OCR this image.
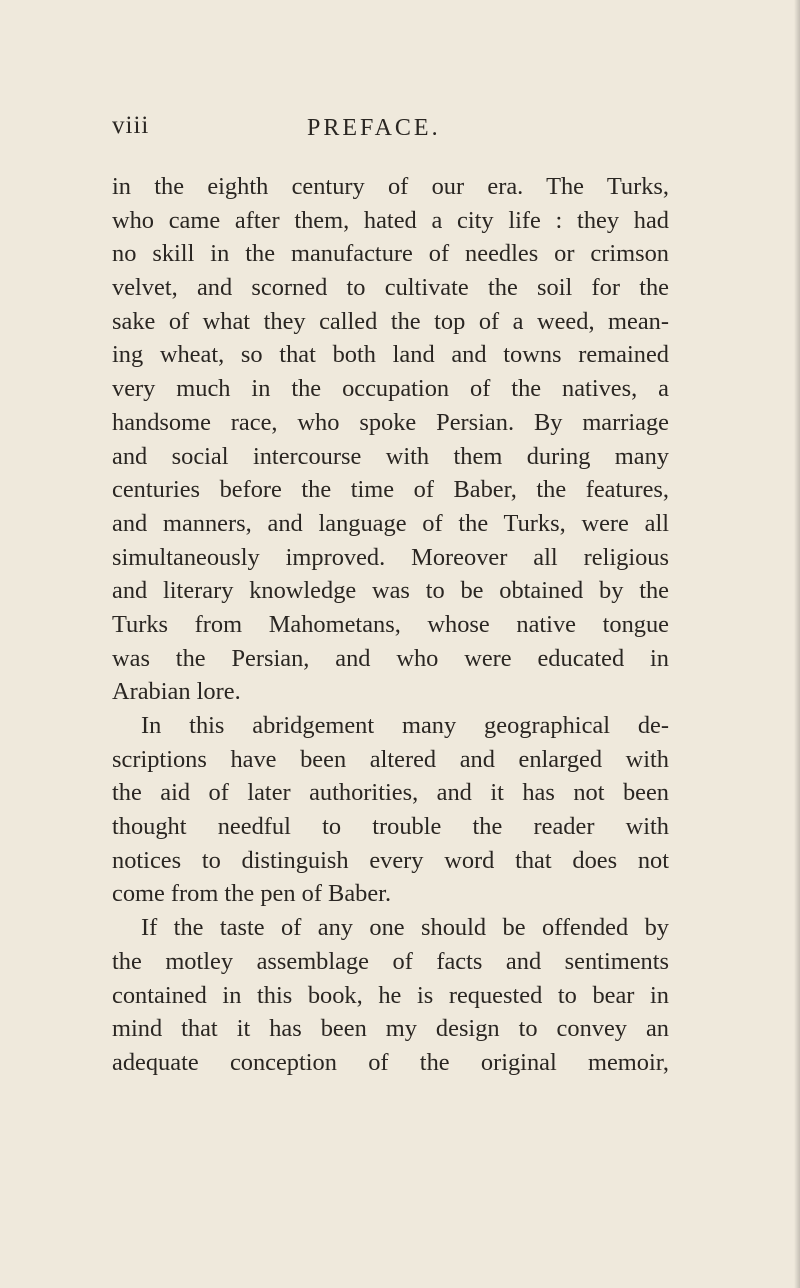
viii	PREFACE.
in the eighth century of our era. The Turks,
who came after them, hated a city life : they had
no skill in the manufacture of needles or crimson
velvet, and scorned to cultivate the soil for the
sake of what they called the top of a weed, mean-
ing wheat, so that both land and towns remained
very much in the occupation of the natives, a
handsome race, who spoke Persian. By marriage
and social intercourse with them during many
centuries before the time of Baber, the features,
and manners, and language of the Turks, were all
simultaneously improved. Moreover all religious
and literary knowledge was to be obtained by the
Turks from Mahometans, whose native tongue
was the Persian, and who were educated in
Arabian lore.
In this abridgement many geographical de-
scriptions have been altered and enlarged with
the aid of later authorities, and it has not been
thought needful to trouble the reader with
notices to distinguish every word that does not
come from the pen of Baber.
If the taste of any one should be offended by
the motley assemblage of facts and sentiments
contained in this book, he is requested to bear in
mind that it has been my design to convey an
adequate conception of the original memoir,
